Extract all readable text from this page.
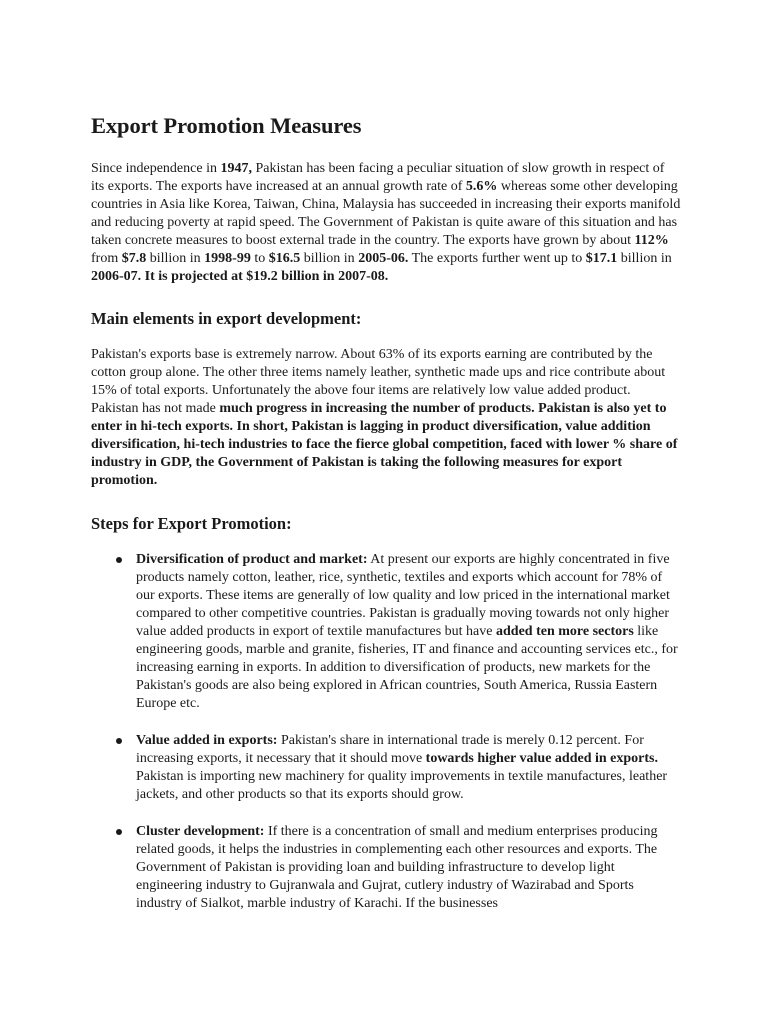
Export Promotion Measures

Since independence in 1947, Pakistan has been facing a peculiar situation of slow growth in respect of its exports. The exports have increased at an annual growth rate of 5.6% whereas some other developing countries in Asia like Korea, Taiwan, China, Malaysia has succeeded in increasing their exports manifold and reducing poverty at rapid speed. The Government of Pakistan is quite aware of this situation and has taken concrete measures to boost external trade in the country. The exports have grown by about 112% from $7.8 billion in 1998-99 to $16.5 billion in 2005-06. The exports further went up to $17.1 billion in 2006-07. It is projected at $19.2 billion in 2007-08.

Main elements in export development:

Pakistan's exports base is extremely narrow. About 63% of its exports earning are contributed by the cotton group alone. The other three items namely leather, synthetic made ups and rice contribute about 15% of total exports. Unfortunately the above four items are relatively low value added product. Pakistan has not made much progress in increasing the number of products. Pakistan is also yet to enter in hi-tech exports. In short, Pakistan is lagging in product diversification, value addition diversification, hi-tech industries to face the fierce global competition, faced with lower % share of industry in GDP, the Government of Pakistan is taking the following measures for export promotion.

Steps for Export Promotion:
Diversification of product and market: At present our exports are highly concentrated in five products namely cotton, leather, rice, synthetic, textiles and exports which account for 78% of our exports. These items are generally of low quality and low priced in the international market compared to other competitive countries. Pakistan is gradually moving towards not only higher value added products in export of textile manufactures but have added ten more sectors like engineering goods, marble and granite, fisheries, IT and finance and accounting services etc., for increasing earning in exports. In addition to diversification of products, new markets for the Pakistan's goods are also being explored in African countries, South America, Russia Eastern Europe etc.
Value added in exports: Pakistan's share in international trade is merely 0.12 percent. For increasing exports, it necessary that it should move towards higher value added in exports. Pakistan is importing new machinery for quality improvements in textile manufactures, leather jackets, and other products so that its exports should grow.
Cluster development: If there is a concentration of small and medium enterprises producing related goods, it helps the industries in complementing each other resources and exports. The Government of Pakistan is providing loan and building infrastructure to develop light engineering industry to Gujranwala and Gujrat, cutlery industry of Wazirabad and Sports industry of Sialkot, marble industry of Karachi. If the businesses
